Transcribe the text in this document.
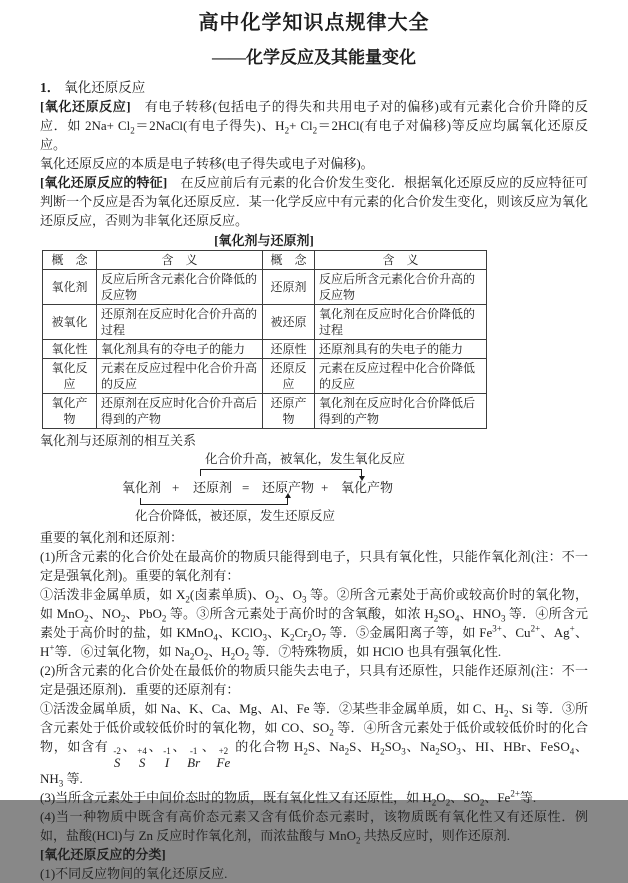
高中化学知识点规律大全
——化学反应及其能量变化
1． 氧化还原反应

[氧化还原反应]　有电子转移(包括电子的得失和共用电子对的偏移)或有元素化合价升降的反应．如 $2Na+ Cl_2=2NaCl$(有电子得失)、$H_2+ Cl_2=2HCl$(有电子对偏移)等反应均属氧化还原反应。

氧化还原反应的本质是电子转移(电子得失或电子对偏移)。

[氧化还原反应的特征]　在反应前后有元素的化合价发生变化．根据氧化还原反应的反应特征可判断一个反应是否为氧化还原反应．某一化学反应中有元素的化合价发生变化，则该反应为氧化还原反应，否则为非氧化还原反应。

[氧化剂与还原剂]
概　念	含　义	概　念	含　义
氧化剂	反应后所含元素化合价降低的反应物	还原剂	反应后所含元素化合价升高的反应物
被氧化	还原剂在反应时化合价升高的过程	被还原	氧化剂在反应时化合价降低的过程
氧化性	氧化剂具有的夺电子的能力	还原性	还原剂具有的失电子的能力
氧化反应	元素在反应过程中化合价升高的反应	还原反应	元素在反应过程中化合价降低的反应
氧化产物	还原剂在反应时化合价升高后得到的产物	还原产物	氧化剂在反应时化合价降低后得到的产物
氧化剂与还原剂的相互关系
化合价升高，被氧化，发生氧化反应
氧化剂 + 还原剂 = 还原产物 + 氧化产物
化合价降低，被还原，发生还原反应

重要的氧化剂和还原剂：

(1)所含元素的化合价处在最高价的物质只能得到电子，只具有氧化性，只能作氧化剂(注：不一定是强氧化剂)。重要的氧化剂有：

①活泼非金属单质，如 $X_2$(卤素单质)、$O_2$、$O_3$ 等。②所含元素处于高价或较高价时的氧化物，如 MnO$_2$、$NO_2$、PbO$_2$ 等。③所含元素处于高价时的含氧酸，如浓 $H_2SO_4$、$HNO_3$ 等．④所含元素处于高价时的盐，如 KMnO$_4$、KClO$_3$、$K_2Cr_2O_7$ 等．⑤金属阳离子等，如 $Fe^{3+}$、$Cu^{2+}$、Ag+、H+等．⑥过氧化物，如 $Na_2O_2$、$H_2O_2$ 等．⑦特殊物质，如 HClO 也具有强氧化性.

(2)所含元素的化合价处在最低价的物质只能失去电子，只具有还原性，只能作还原剂(注：不一定是强还原剂)．重要的还原剂有：

①活泼金属单质，如 Na、K、Ca、Mg、Al、Fe 等．②某些非金属单质，如 C、$H_2$、Si 等．③所含元素处于低价或较低价时的氧化物，如 CO、$SO_2$ 等．④所含元素处于低价或较低价时的化合物，如含有 -2
S
、 +4
S
、 -1
I
、 -1
Br
、 +2
Fe
的化合物 $H_2S$、$Na_2S$、$H_2SO_3$、$Na_2SO_3$、HI、HBr、FeSO$_4$、$NH_3$ 等.

(3)当所含元素处于中间价态时的物质，既有氧化性又有还原性，如 $H_2O_2$、$SO_2$、$Fe^{2+}$等.

(4)当一种物质中既含有高价态元素又含有低价态元素时，该物质既有氧化性又有还原性．例如，盐酸(HCl)与 Zn 反应时作氧化剂，而浓盐酸与 MnO$_2$ 共热反应时，则作还原剂.

[氧化还原反应的分类]

(1)不同反应物间的氧化还原反应.
